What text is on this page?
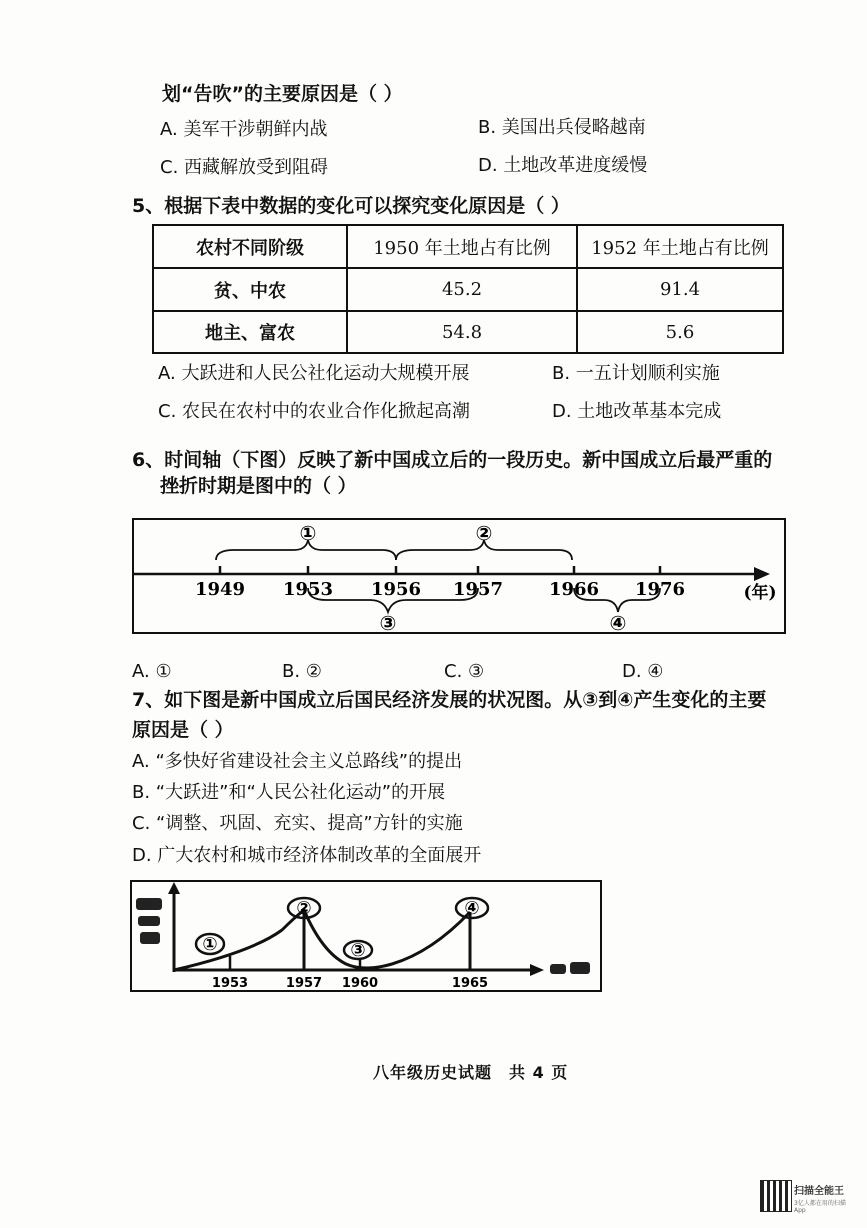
划“告吹”的主要原因是（ ）
A. 美军干涉朝鲜内战	B. 美国出兵侵略越南
C. 西藏解放受到阻碍	D. 土地改革进度缓慢
5、根据下表中数据的变化可以探究变化原因是（ ）
农村不同阶级	1950 年土地占有比例	1952 年土地占有比例
贫、中农	45.2	91.4
地主、富农	54.8	5.6
A. 大跃进和人民公社化运动大规模开展	B. 一五计划顺利实施
C. 农民在农村中的农业合作化掀起高潮	D. 土地改革基本完成
6、时间轴（下图）反映了新中国成立后的一段历史。新中国成立后最严重的
挫折时期是图中的（ ）
①	②
③	④
1949 1953 1956 1957	1966 1976	(年)
A. ①	B. ②	C. ③	D. ④
7、如下图是新中国成立后国民经济发展的状况图。从③到④产生变化的主要
原因是（ ）
A. “多快好省建设社会主义总路线”的提出
B. “大跃进”和“人民公社化运动”的开展
C. “调整、巩固、充实、提高”方针的实施
D. 广大农村和城市经济体制改革的全面展开
①
②
③
④
1953	1957 1960	1965
八年级历史试题　共 4 页
扫描全能王
3亿人都在用的扫描App
